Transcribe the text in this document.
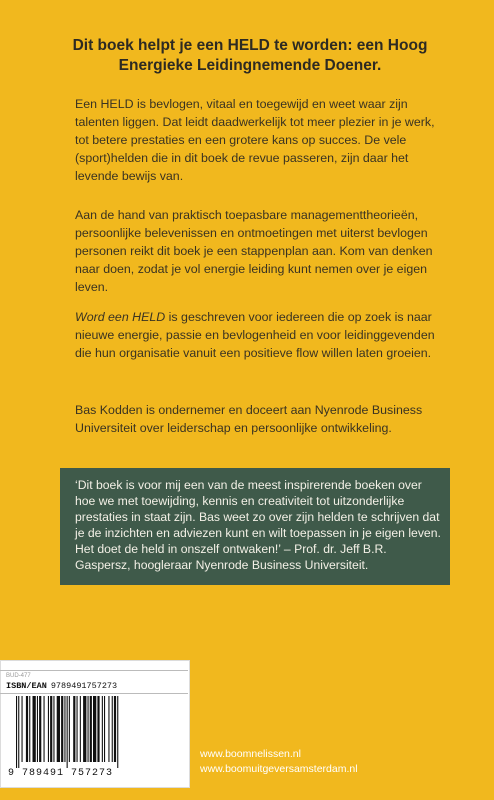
Dit boek helpt je een HELD te worden: een Hoog Energieke Leidingnemende Doener.
Een HELD is bevlogen, vitaal en toegewijd en weet waar zijn talenten liggen. Dat leidt daadwerkelijk tot meer plezier in je werk, tot betere prestaties en een grotere kans op succes. De vele (sport)helden die in dit boek de revue passeren, zijn daar het levende bewijs van.
Aan de hand van praktisch toepasbare managementtheorieën, persoonlijke belevenissen en ontmoetingen met uiterst bevlogen personen reikt dit boek je een stappenplan aan. Kom van denken naar doen, zodat je vol energie leiding kunt nemen over je eigen leven.
Word een HELD is geschreven voor iedereen die op zoek is naar nieuwe energie, passie en bevlogenheid en voor leidinggevenden die hun organisatie vanuit een positieve flow willen laten groeien.
Bas Kodden is ondernemer en doceert aan Nyenrode Business Universiteit over leiderschap en persoonlijke ontwikkeling.
‘Dit boek is voor mij een van de meest inspirerende boeken over hoe we met toewijding, kennis en creativiteit tot uitzonderlijke prestaties in staat zijn. Bas weet zo over zijn helden te schrijven dat je de inzichten en adviezen kunt en wilt toepassen in je eigen leven. Het doet de held in onszelf ontwaken!’ – Prof. dr. Jeff B.R. Gaspersz, hoogleraar Nyenrode Business Universiteit.
BUD-477
ISBN/EAN 9789491757273
9 789491 757273
www.boomnelissen.nl
www.boomuitgeversamsterdam.nl
